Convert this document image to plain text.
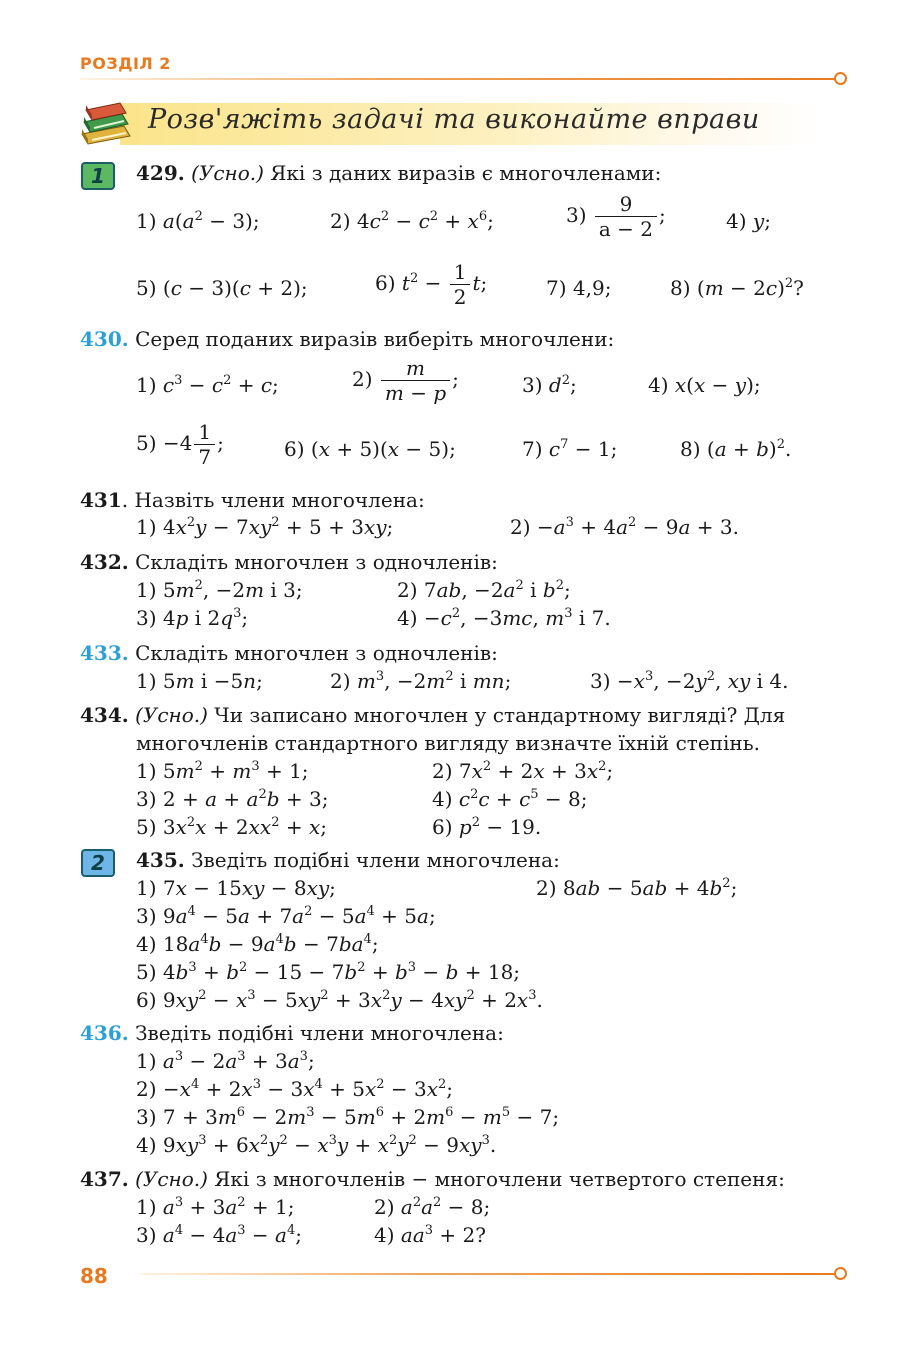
РОЗДІЛ 2
Розв'яжіть задачі та виконайте вправи
1	429. (Усно.) Які з даних виразів є многочленами:
1) $a(a^2 - 3)$;	2) $4c^2 - c^2 + x^6$;	$3) \frac{9}{a - 2}$ ;	4) y;
5) (c − 3)(c + 2);	6) $t^2 - \frac{1}{2} t$;	7) 4,9;	8) $(m - 2c)^2$?
430. Серед поданих виразів виберіть многочлени:
1) $c^3 - c^2 + c$;	$2) \frac{m}{m - p}$ ;	3) $d^2$;	4) x(x − y);
$5) -4 \frac{1}{7}$ ;	6) (x + 5)(x − 5);	7) $c^7 - 1$;	8) $(a + b)^2$.
431. Назвіть члени многочлена:
1) $4x^2y - 7xy^2 + 5 + 3xy$;	$2) -a^3 + 4a^2 - 9a + 3$.
432. Складіть многочлен з одночленів:
1) $5m^2$, −2m і 3;	2) 7ab, $-2a^2$ і $b^2$;
3) 4p і $2q^3$;	$4) -c^2$, −3mc, $m^3$ і 7.
433. Складіть многочлен з одночленів:
1) 5m і −5n;	2) $m^3$, $-2m^2$ і mn;	$3) -x^3$, $-2y^2$, xy і 4.
434. (Усно.) Чи записано многочлен у стандартному вигляді? Для
многочленів стандартного вигляду визначте їхній степінь.
1) $5m^2 + m^3 + 1$;	2) $7x^2 + 2x + 3x^2$;
3) $2 + a + a^2b + 3$;	4) $c^2c + c^5 - 8$;
5) $3x^2x + 2xx^2 + x$;	6) $p^2 - 19$.
2	435. Зведіть подібні члени многочлена:
1) 7x − 15xy − 8xy;	2) $8ab - 5ab + 4b^2$;
3) $9a^4 - 5a + 7a^2 - 5a^4 + 5a$;
4) $18a^4b - 9a^4b - 7ba^4$;
5) $4b^3 + b^2 - 15 - 7b^2 + b^3 - b + 18$;
6) $9xy^2 - x^3 - 5xy^2 + 3x^2y - 4xy^2 + 2x^3$.
436. Зведіть подібні члени многочлена:
1) $a^3 - 2a^3 + 3a^3$;
$2) -x^4 + 2x^3 - 3x^4 + 5x^2 - 3x^2$;
3) $7 + 3m^6 - 2m^3 - 5m^6 + 2m^6 - m^5 - 7$;
4) $9xy^3 + 6x^2y^2 - x^3y + x^2y^2 - 9xy^3$.
437. (Усно.) Які з многочленів − многочлени четвертого степеня:
1) $a^3 + 3a^2 + 1$;	2) $a^2a^2 - 8$;
3) $a^4 - 4a^3 - a^4$;	4) $aa^3 + 2$?
88
